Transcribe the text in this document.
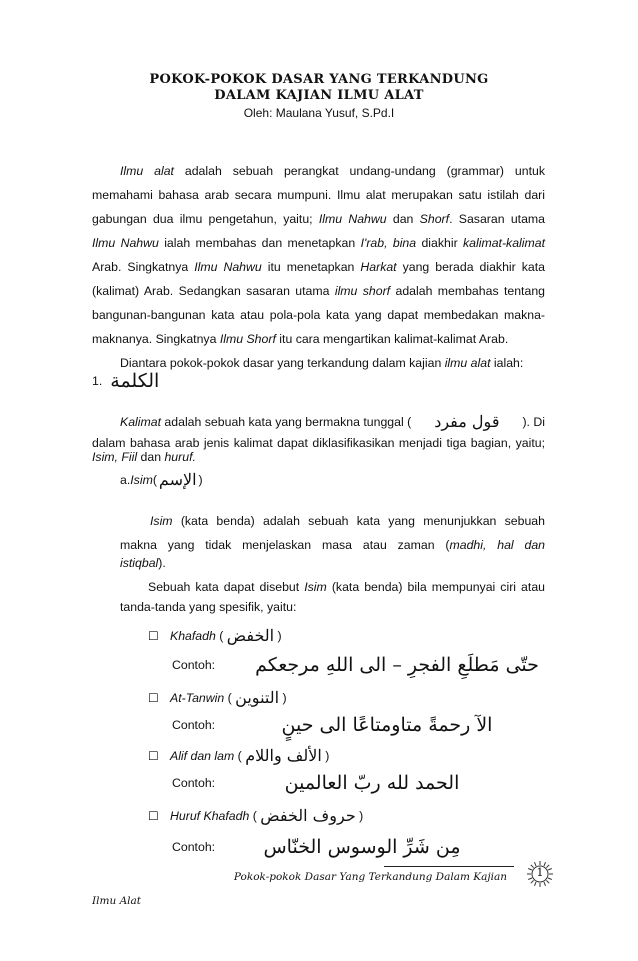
POKOK-POKOK DASAR YANG TERKANDUNG
DALAM KAJIAN ILMU ALAT
Oleh: Maulana Yusuf, S.Pd.I
Ilmu alat adalah sebuah perangkat undang-undang (grammar) untuk
memahami bahasa arab secara mumpuni. Ilmu alat merupakan satu istilah dari
gabungan dua ilmu pengetahun, yaitu; Ilmu Nahwu dan Shorf. Sasaran utama
Ilmu Nahwu ialah membahas dan menetapkan I'rab, bina diakhir kalimat-kalimat
Arab. Singkatnya Ilmu Nahwu itu menetapkan Harkat yang berada diakhir kata
(kalimat) Arab. Sedangkan sasaran utama ilmu shorf adalah membahas tentang
bangunan-bangunan kata atau pola-pola kata yang dapat membedakan makna-
maknanya. Singkatnya Ilmu Shorf itu cara mengartikan kalimat-kalimat Arab.
Diantara pokok-pokok dasar yang terkandung dalam kajian ilmu alat ialah:
1. الكلمة
Kalimat adalah sebuah kata yang bermakna tunggal ( قول مفرد ). Di
dalam bahasa arab jenis kalimat dapat diklasifikasikan menjadi tiga bagian, yaitu;
Isim, Fiil dan huruf.
a. Isim ( الإسم )
Isim (kata benda) adalah sebuah kata yang menunjukkan sebuah
makna yang tidak menjelaskan masa atau zaman (madhi, hal dan
istiqbal).
Sebuah kata dapat disebut Isim (kata benda) bila mempunyai ciri atau
tanda-tanda yang spesifik, yaitu:
☐ Khafadh ( الخفض )
Contoh:	حتّى مَطلَعِ الفجرِ – الى اللهِ مرجعكم
☐ At-Tanwin ( التنوين )
Contoh:	الآ رحمةً متاومتاعًا الى حينٍ
☐ Alif dan lam ( الألف واللام )
Contoh:	الحمد لله ربّ العالمين
☐ Huruf Khafadh ( حروف الخفض )
Contoh:	مِن شَرِّ الوسوس الخنّاس
Pokok-pokok Dasar Yang Terkandung Dalam Kajian	1
Ilmu Alat
